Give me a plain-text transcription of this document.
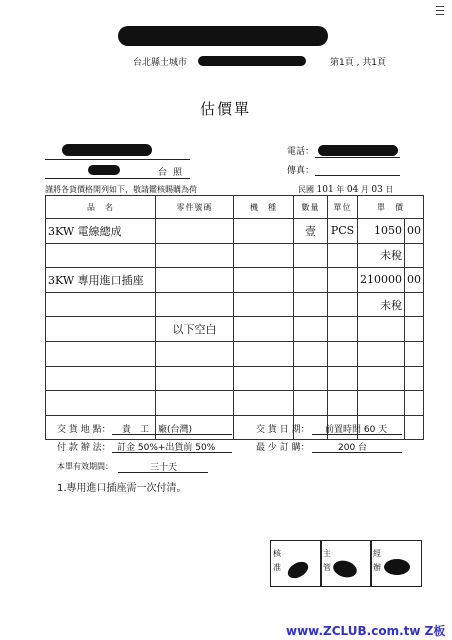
台北縣土城市	第1頁 , 共1頁
估價單
台照
電話：
傳真：
謹將各貨價格開列如下，敬請鑑核賜購為荷	民國 101 年 04 月 03 日
品　名	零件號碼	機　種	數量	單位	單　價	
3KW 電線總成			壹	PCS	1050	00
					未稅	
3KW 專用進口插座					210000	00
					未稅	
	以下空白					

交 貨 地 點： 貴　工　廠(台灣)	交 貨 日 期： 前置時間 60 天
付 款 辦 法： 訂金 50%+出貨前 50%	最 少 訂 購：	200 台
本單有效期間：	三十天
1.專用進口插座需一次付清。
核准
主管
經辦
www.ZCLUB.com.tw Z板
